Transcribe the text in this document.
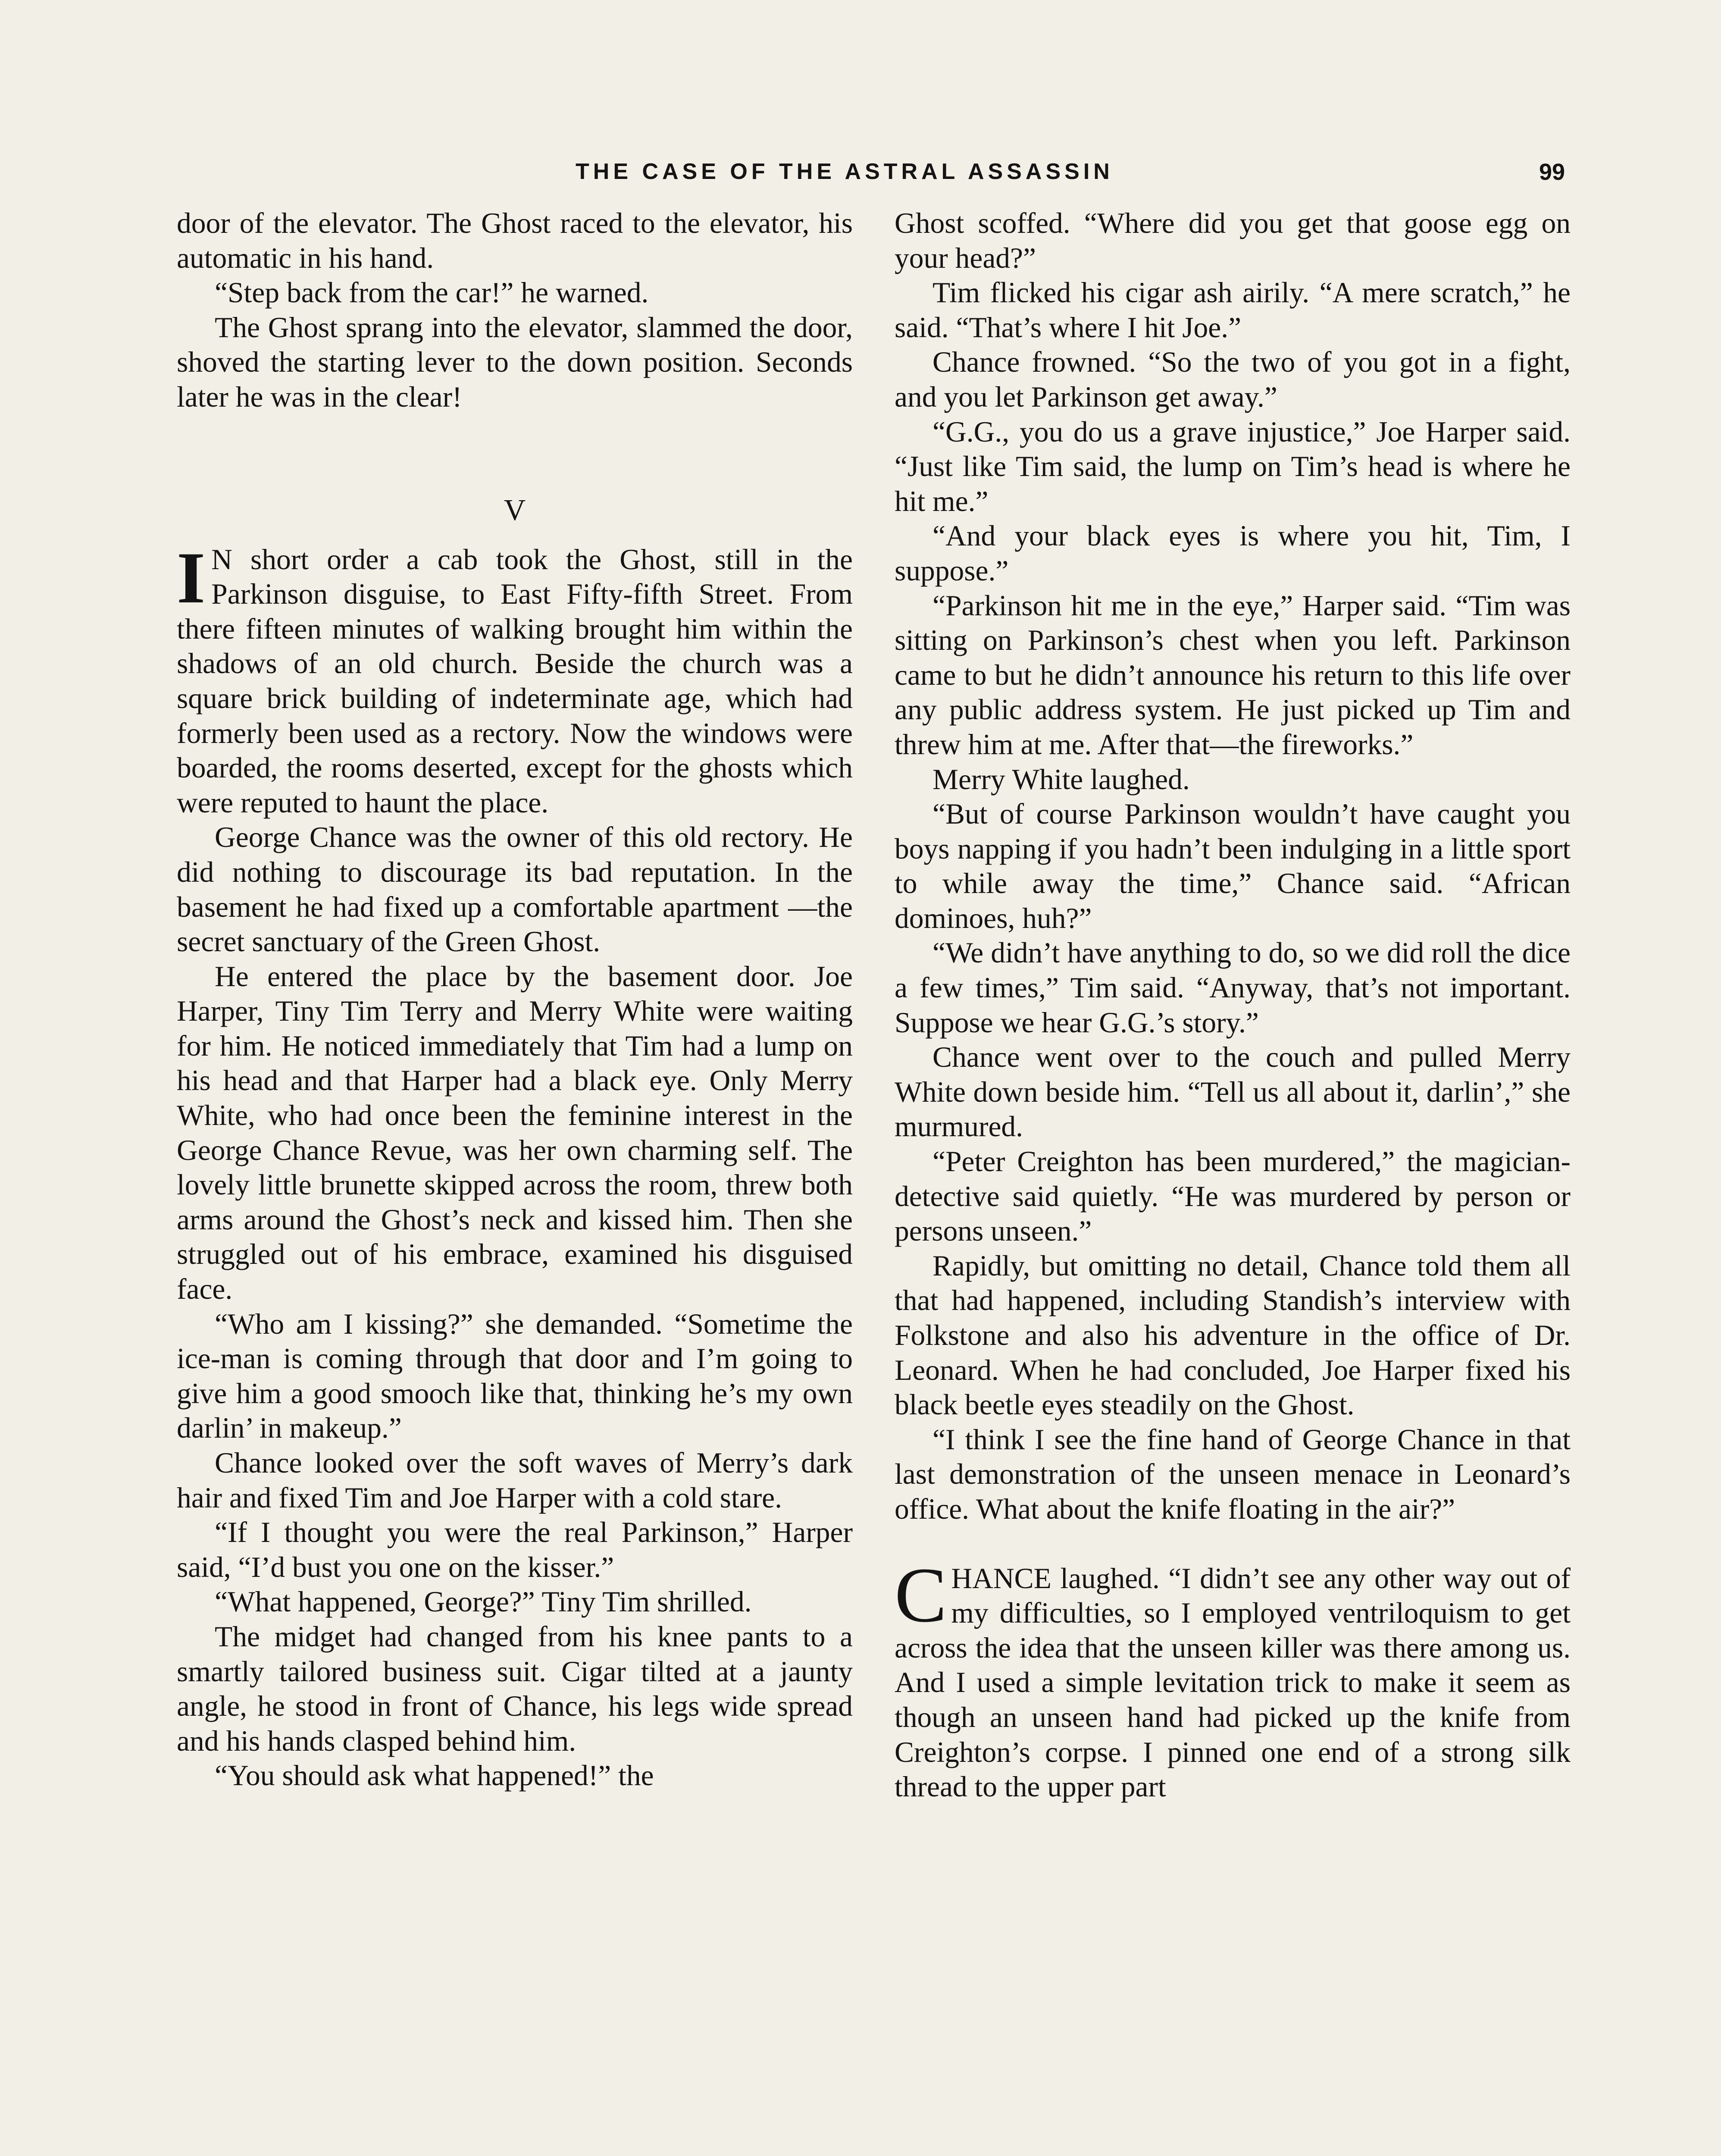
THE CASE OF THE ASTRAL ASSASSIN	99

door of the elevator. The Ghost raced to the elevator, his automatic in his hand.

“Step back from the car!” he warned.

The Ghost sprang into the elevator, slammed the door, shoved the starting lever to the down position. Seconds later he was in the clear!

V

I N short order a cab took the Ghost, still in the Parkinson disguise, to East Fifty-fifth Street. From there fifteen minutes of walking brought him within the shadows of an old church. Beside the church was a square brick building of indeterminate age, which had formerly been used as a rectory. Now the windows were boarded, the rooms deserted, except for the ghosts which were reputed to haunt the place.

George Chance was the owner of this old rectory. He did nothing to discourage its bad reputation. In the basement he had fixed up a comfortable apartment —the secret sanctuary of the Green Ghost.

He entered the place by the basement door. Joe Harper, Tiny Tim Terry and Merry White were waiting for him. He noticed immediately that Tim had a lump on his head and that Harper had a black eye. Only Merry White, who had once been the feminine interest in the George Chance Revue, was her own charming self. The lovely little brunette skipped across the room, threw both arms around the Ghost’s neck and kissed him. Then she struggled out of his embrace, examined his disguised face.

“Who am I kissing?” she demanded. “Sometime the ice-man is coming through that door and I’m going to give him a good smooch like that, thinking he’s my own darlin’ in makeup.”

Chance looked over the soft waves of Merry’s dark hair and fixed Tim and Joe Harper with a cold stare.

“If I thought you were the real Parkinson,” Harper said, “I’d bust you one on the kisser.”

“What happened, George?” Tiny Tim shrilled.

The midget had changed from his knee pants to a smartly tailored business suit. Cigar tilted at a jaunty angle, he stood in front of Chance, his legs wide spread and his hands clasped behind him.

“You should ask what happened!” the

Ghost scoffed. “Where did you get that goose egg on your head?”

Tim flicked his cigar ash airily. “A mere scratch,” he said. “That’s where I hit Joe.”

Chance frowned. “So the two of you got in a fight, and you let Parkinson get away.”

“G.G., you do us a grave injustice,” Joe Harper said. “Just like Tim said, the lump on Tim’s head is where he hit me.”

“And your black eyes is where you hit, Tim, I suppose.”

“Parkinson hit me in the eye,” Harper said. “Tim was sitting on Parkinson’s chest when you left. Parkinson came to but he didn’t announce his return to this life over any public address system. He just picked up Tim and threw him at me. After that—the fireworks.”

Merry White laughed.

“But of course Parkinson wouldn’t have caught you boys napping if you hadn’t been indulging in a little sport to while away the time,” Chance said. “African dominoes, huh?”

“We didn’t have anything to do, so we did roll the dice a few times,” Tim said. “Anyway, that’s not important. Suppose we hear G.G.’s story.”

Chance went over to the couch and pulled Merry White down beside him. “Tell us all about it, darlin’,” she murmured.

“Peter Creighton has been murdered,” the magician-detective said quietly. “He was murdered by person or persons unseen.”

Rapidly, but omitting no detail, Chance told them all that had happened, including Standish’s interview with Folkstone and also his adventure in the office of Dr. Leonard. When he had concluded, Joe Harper fixed his black beetle eyes steadily on the Ghost.

“I think I see the fine hand of George Chance in that last demonstration of the unseen menace in Leonard’s office. What about the knife floating in the air?”

CHANCE laughed. “I didn’t see any other way out of my difficulties, so I employed ventriloquism to get across the idea that the unseen killer was there among us. And I used a simple levitation trick to make it seem as though an unseen hand had picked up the knife from Creighton’s corpse. I pinned one end of a strong silk thread to the upper part
